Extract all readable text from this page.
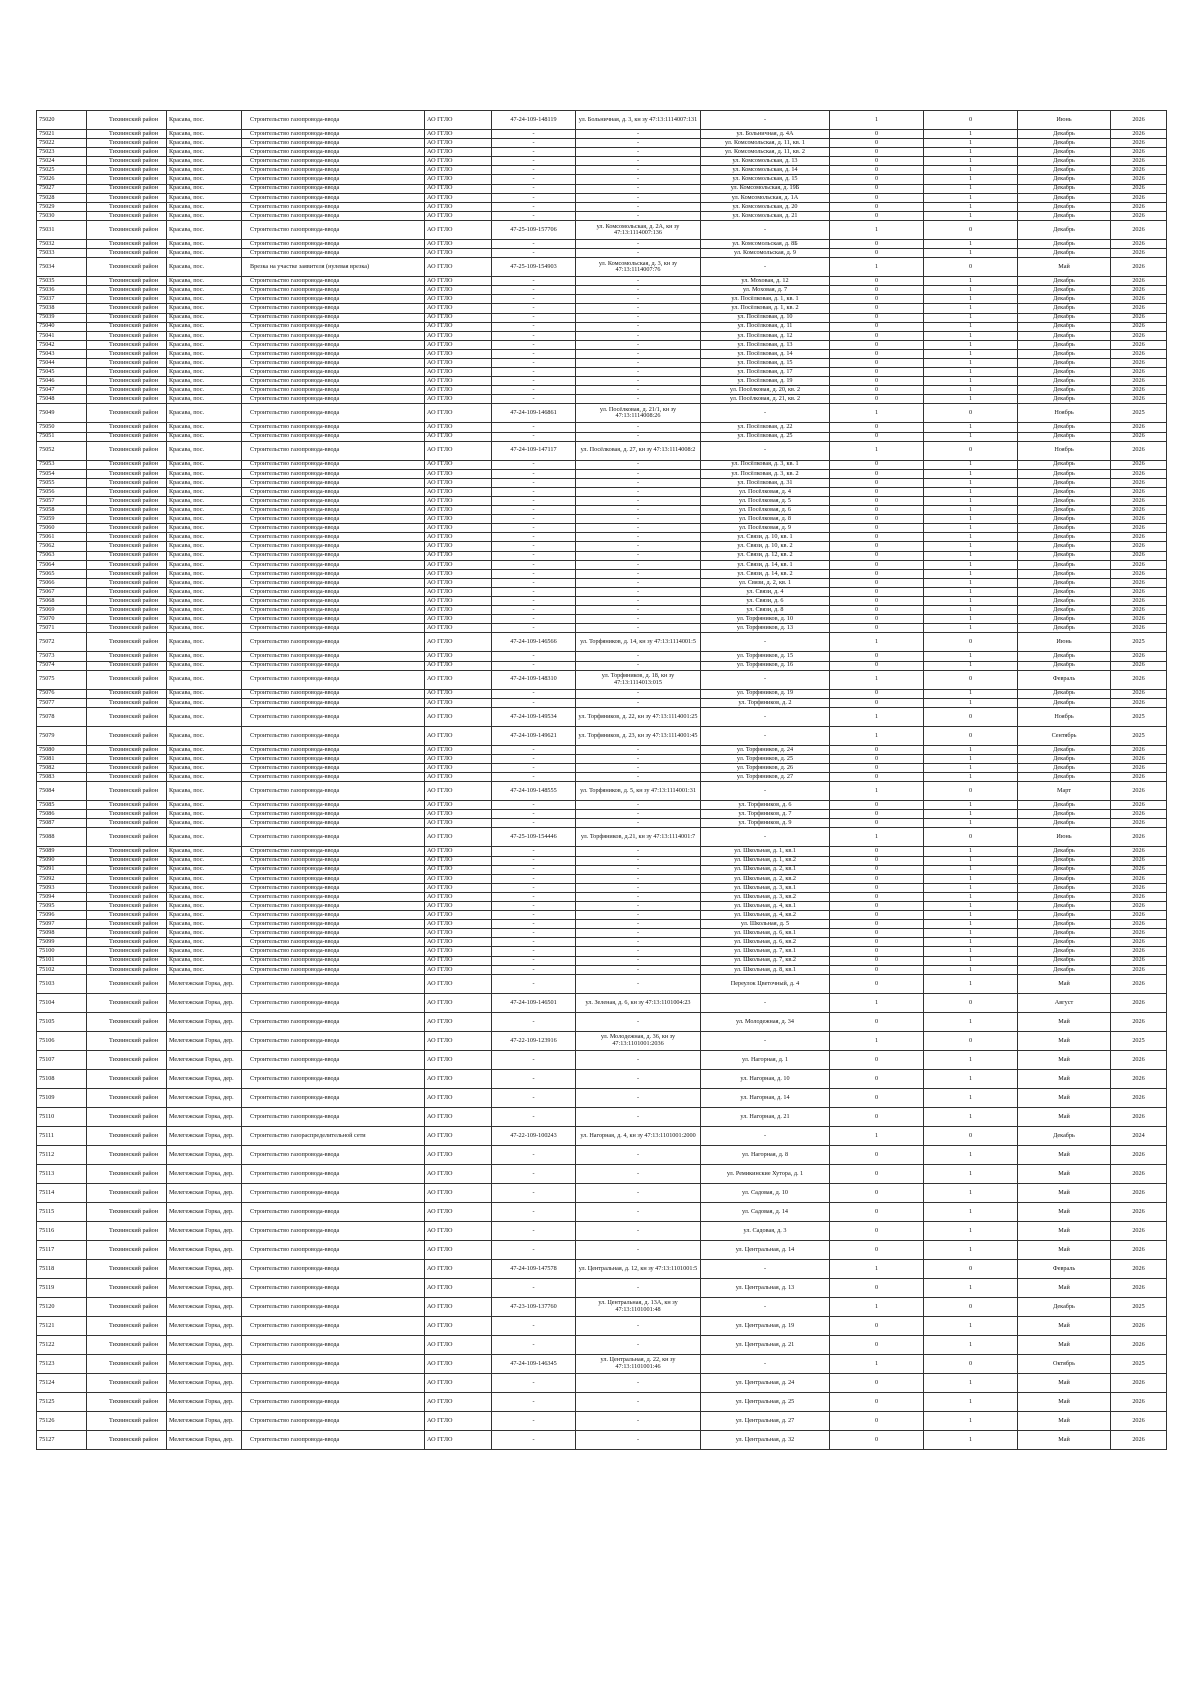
75020	Тихвинский район	Красава, пос.	Строительство газопровода-ввода	АО ГГЛО	47-24-109-148119	ул. Больничная, д. 3, кн зу 47:13:1114007:131	-	1	0	Июнь	2026
75021	Тихвинский район	Красава, пос.	Строительство газопровода-ввода	АО ГГЛО	-	-	ул. Больничная, д. 4А	0	1	Декабрь	2026
75022	Тихвинский район	Красава, пос.	Строительство газопровода-ввода	АО ГГЛО	-	-	ул. Комсомольская, д. 11, кв. 1	0	1	Декабрь	2026
75023	Тихвинский район	Красава, пос.	Строительство газопровода-ввода	АО ГГЛО	-	-	ул. Комсомольская, д. 11, кв. 2	0	1	Декабрь	2026
75024	Тихвинский район	Красава, пос.	Строительство газопровода-ввода	АО ГГЛО	-	-	ул. Комсомольская, д. 13	0	1	Декабрь	2026
75025	Тихвинский район	Красава, пос.	Строительство газопровода-ввода	АО ГГЛО	-	-	ул. Комсомольская, д. 14	0	1	Декабрь	2026
75026	Тихвинский район	Красава, пос.	Строительство газопровода-ввода	АО ГГЛО	-	-	ул. Комсомольская, д. 15	0	1	Декабрь	2026
75027	Тихвинский район	Красава, пос.	Строительство газопровода-ввода	АО ГГЛО	-	-	ул. Комсомольская, д. 19Б	0	1	Декабрь	2026
75028	Тихвинский район	Красава, пос.	Строительство газопровода-ввода	АО ГГЛО	-	-	ул. Комсомольская, д. 1А	0	1	Декабрь	2026
75029	Тихвинский район	Красава, пос.	Строительство газопровода-ввода	АО ГГЛО	-	-	ул. Комсомольская, д. 20	0	1	Декабрь	2026
75030	Тихвинский район	Красава, пос.	Строительство газопровода-ввода	АО ГГЛО	-	-	ул. Комсомольская, д. 21	0	1	Декабрь	2026
75031	Тихвинский район	Красава, пос.	Строительство газопровода-ввода	АО ГГЛО	47-25-109-157706	ул. Комсомольская, д. 2А, кн зу 47:13:1114007:136	-	1	0	Декабрь	2026
75032	Тихвинский район	Красава, пос.	Строительство газопровода-ввода	АО ГГЛО	-	-	ул. Комсомольская, д. 8Б	0	1	Декабрь	2026
75033	Тихвинский район	Красава, пос.	Строительство газопровода-ввода	АО ГГЛО	-	-	ул. Комсомольская, д. 9	0	1	Декабрь	2026
75034	Тихвинский район	Красава, пос.	Врезка на участке заявителя (нулевая врезка)	АО ГГЛО	47-25-109-154903	ул. Комсомольская, д. 3, кн зу 47:13:1114007:76	-	1	0	Май	2026
75035	Тихвинский район	Красава, пос.	Строительство газопровода-ввода	АО ГГЛО	-	-	ул. Моховая, д. 12	0	1	Декабрь	2026
75036	Тихвинский район	Красава, пос.	Строительство газопровода-ввода	АО ГГЛО	-	-	ул. Моховая, д. 7	0	1	Декабрь	2026
75037	Тихвинский район	Красава, пос.	Строительство газопровода-ввода	АО ГГЛО	-	-	ул. Посёлковая, д. 1, кв. 1	0	1	Декабрь	2026
75038	Тихвинский район	Красава, пос.	Строительство газопровода-ввода	АО ГГЛО	-	-	ул. Посёлковая, д. 1, кв. 2	0	1	Декабрь	2026
75039	Тихвинский район	Красава, пос.	Строительство газопровода-ввода	АО ГГЛО	-	-	ул. Посёлковая, д. 10	0	1	Декабрь	2026
75040	Тихвинский район	Красава, пос.	Строительство газопровода-ввода	АО ГГЛО	-	-	ул. Посёлковая, д. 11	0	1	Декабрь	2026
75041	Тихвинский район	Красава, пос.	Строительство газопровода-ввода	АО ГГЛО	-	-	ул. Посёлковая, д. 12	0	1	Декабрь	2026
75042	Тихвинский район	Красава, пос.	Строительство газопровода-ввода	АО ГГЛО	-	-	ул. Посёлковая, д. 13	0	1	Декабрь	2026
75043	Тихвинский район	Красава, пос.	Строительство газопровода-ввода	АО ГГЛО	-	-	ул. Посёлковая, д. 14	0	1	Декабрь	2026
75044	Тихвинский район	Красава, пос.	Строительство газопровода-ввода	АО ГГЛО	-	-	ул. Посёлковая, д. 15	0	1	Декабрь	2026
75045	Тихвинский район	Красава, пос.	Строительство газопровода-ввода	АО ГГЛО	-	-	ул. Посёлковая, д. 17	0	1	Декабрь	2026
75046	Тихвинский район	Красава, пос.	Строительство газопровода-ввода	АО ГГЛО	-	-	ул. Посёлковая, д. 19	0	1	Декабрь	2026
75047	Тихвинский район	Красава, пос.	Строительство газопровода-ввода	АО ГГЛО	-	-	ул. Посёлковая, д. 20, кв. 2	0	1	Декабрь	2026
75048	Тихвинский район	Красава, пос.	Строительство газопровода-ввода	АО ГГЛО	-	-	ул. Посёлковая, д. 21, кв. 2	0	1	Декабрь	2026
75049	Тихвинский район	Красава, пос.	Строительство газопровода-ввода	АО ГГЛО	47-24-109-146861	ул. Посёлковая, д. 21/1, кн зу 47:13:1114008:26	-	1	0	Ноябрь	2025
75050	Тихвинский район	Красава, пос.	Строительство газопровода-ввода	АО ГГЛО	-	-	ул. Посёлковая, д. 22	0	1	Декабрь	2026
75051	Тихвинский район	Красава, пос.	Строительство газопровода-ввода	АО ГГЛО	-	-	ул. Посёлковая, д. 25	0	1	Декабрь	2026
75052	Тихвинский район	Красава, пос.	Строительство газопровода-ввода	АО ГГЛО	47-24-109-147117	ул. Посёлковая, д. 27, кн зу 47:13:1114008:2	-	1	0	Ноябрь	2026
75053	Тихвинский район	Красава, пос.	Строительство газопровода-ввода	АО ГГЛО	-	-	ул. Посёлковая, д. 3, кв. 1	0	1	Декабрь	2026
75054	Тихвинский район	Красава, пос.	Строительство газопровода-ввода	АО ГГЛО	-	-	ул. Посёлковая, д. 3, кв. 2	0	1	Декабрь	2026
75055	Тихвинский район	Красава, пос.	Строительство газопровода-ввода	АО ГГЛО	-	-	ул. Посёлковая, д. 31	0	1	Декабрь	2026
75056	Тихвинский район	Красава, пос.	Строительство газопровода-ввода	АО ГГЛО	-	-	ул. Посёлковая, д. 4	0	1	Декабрь	2026
75057	Тихвинский район	Красава, пос.	Строительство газопровода-ввода	АО ГГЛО	-	-	ул. Посёлковая, д. 5	0	1	Декабрь	2026
75058	Тихвинский район	Красава, пос.	Строительство газопровода-ввода	АО ГГЛО	-	-	ул. Посёлковая, д. 6	0	1	Декабрь	2026
75059	Тихвинский район	Красава, пос.	Строительство газопровода-ввода	АО ГГЛО	-	-	ул. Посёлковая, д. 8	0	1	Декабрь	2026
75060	Тихвинский район	Красава, пос.	Строительство газопровода-ввода	АО ГГЛО	-	-	ул. Посёлковая, д. 9	0	1	Декабрь	2026
75061	Тихвинский район	Красава, пос.	Строительство газопровода-ввода	АО ГГЛО	-	-	ул. Связи, д. 10, кв. 1	0	1	Декабрь	2026
75062	Тихвинский район	Красава, пос.	Строительство газопровода-ввода	АО ГГЛО	-	-	ул. Связи, д. 10, кв. 2	0	1	Декабрь	2026
75063	Тихвинский район	Красава, пос.	Строительство газопровода-ввода	АО ГГЛО	-	-	ул. Связи, д. 12, кв. 2	0	1	Декабрь	2026
75064	Тихвинский район	Красава, пос.	Строительство газопровода-ввода	АО ГГЛО	-	-	ул. Связи, д. 14, кв. 1	0	1	Декабрь	2026
75065	Тихвинский район	Красава, пос.	Строительство газопровода-ввода	АО ГГЛО	-	-	ул. Связи, д. 14, кв. 2	0	1	Декабрь	2026
75066	Тихвинский район	Красава, пос.	Строительство газопровода-ввода	АО ГГЛО	-	-	ул. Связи, д. 2, кв. 1	0	1	Декабрь	2026
75067	Тихвинский район	Красава, пос.	Строительство газопровода-ввода	АО ГГЛО	-	-	ул. Связи, д. 4	0	1	Декабрь	2026
75068	Тихвинский район	Красава, пос.	Строительство газопровода-ввода	АО ГГЛО	-	-	ул. Связи, д. 6	0	1	Декабрь	2026
75069	Тихвинский район	Красава, пос.	Строительство газопровода-ввода	АО ГГЛО	-	-	ул. Связи, д. 8	0	1	Декабрь	2026
75070	Тихвинский район	Красава, пос.	Строительство газопровода-ввода	АО ГГЛО	-	-	ул. Торфяников, д. 10	0	1	Декабрь	2026
75071	Тихвинский район	Красава, пос.	Строительство газопровода-ввода	АО ГГЛО	-	-	ул. Торфяников, д. 13	0	1	Декабрь	2026
75072	Тихвинский район	Красава, пос.	Строительство газопровода-ввода	АО ГГЛО	47-24-109-146566	ул. Торфяников, д. 14, кн зу 47:13:1114001:5	-	1	0	Июнь	2025
75073	Тихвинский район	Красава, пос.	Строительство газопровода-ввода	АО ГГЛО	-	-	ул. Торфяников, д. 15	0	1	Декабрь	2026
75074	Тихвинский район	Красава, пос.	Строительство газопровода-ввода	АО ГГЛО	-	-	ул. Торфяников, д. 16	0	1	Декабрь	2026
75075	Тихвинский район	Красава, пос.	Строительство газопровода-ввода	АО ГГЛО	47-24-109-148310	ул. Торфяников, д. 18, кн зу 47:13:1114013:015	-	1	0	Февраль	2026
75076	Тихвинский район	Красава, пос.	Строительство газопровода-ввода	АО ГГЛО	-	-	ул. Торфяников, д. 19	0	1	Декабрь	2026
75077	Тихвинский район	Красава, пос.	Строительство газопровода-ввода	АО ГГЛО	-	-	ул. Торфяников, д. 2	0	1	Декабрь	2026
75078	Тихвинский район	Красава, пос.	Строительство газопровода-ввода	АО ГГЛО	47-24-109-149534	ул. Торфяников, д. 22, кн зу 47:13:1114001:25	-	1	0	Ноябрь	2025
75079	Тихвинский район	Красава, пос.	Строительство газопровода-ввода	АО ГГЛО	47-24-109-149621	ул. Торфяников, д. 23, кн зу 47:13:1114001:45	-	1	0	Сентябрь	2025
75080	Тихвинский район	Красава, пос.	Строительство газопровода-ввода	АО ГГЛО	-	-	ул. Торфяников, д. 24	0	1	Декабрь	2026
75081	Тихвинский район	Красава, пос.	Строительство газопровода-ввода	АО ГГЛО	-	-	ул. Торфяников, д. 25	0	1	Декабрь	2026
75082	Тихвинский район	Красава, пос.	Строительство газопровода-ввода	АО ГГЛО	-	-	ул. Торфяников, д. 26	0	1	Декабрь	2026
75083	Тихвинский район	Красава, пос.	Строительство газопровода-ввода	АО ГГЛО	-	-	ул. Торфяников, д. 27	0	1	Декабрь	2026
75084	Тихвинский район	Красава, пос.	Строительство газопровода-ввода	АО ГГЛО	47-24-109-148555	ул. Торфяников, д. 5, кн зу 47:13:1114001:31	-	1	0	Март	2026
75085	Тихвинский район	Красава, пос.	Строительство газопровода-ввода	АО ГГЛО	-	-	ул. Торфяников, д. 6	0	1	Декабрь	2026
75086	Тихвинский район	Красава, пос.	Строительство газопровода-ввода	АО ГГЛО	-	-	ул. Торфяников, д. 7	0	1	Декабрь	2026
75087	Тихвинский район	Красава, пос.	Строительство газопровода-ввода	АО ГГЛО	-	-	ул. Торфяников, д. 9	0	1	Декабрь	2026
75088	Тихвинский район	Красава, пос.	Строительство газопровода-ввода	АО ГГЛО	47-25-109-154446	ул. Торфяников, д.21, кн зу 47:13:1114001:7	-	1	0	Июнь	2026
75089	Тихвинский район	Красава, пос.	Строительство газопровода-ввода	АО ГГЛО	-	-	ул. Школьная, д. 1, кв.1	0	1	Декабрь	2026
75090	Тихвинский район	Красава, пос.	Строительство газопровода-ввода	АО ГГЛО	-	-	ул. Школьная, д. 1, кв.2	0	1	Декабрь	2026
75091	Тихвинский район	Красава, пос.	Строительство газопровода-ввода	АО ГГЛО	-	-	ул. Школьная, д. 2, кв.1	0	1	Декабрь	2026
75092	Тихвинский район	Красава, пос.	Строительство газопровода-ввода	АО ГГЛО	-	-	ул. Школьная, д. 2, кв.2	0	1	Декабрь	2026
75093	Тихвинский район	Красава, пос.	Строительство газопровода-ввода	АО ГГЛО	-	-	ул. Школьная, д. 3, кв.1	0	1	Декабрь	2026
75094	Тихвинский район	Красава, пос.	Строительство газопровода-ввода	АО ГГЛО	-	-	ул. Школьная, д. 3, кв.2	0	1	Декабрь	2026
75095	Тихвинский район	Красава, пос.	Строительство газопровода-ввода	АО ГГЛО	-	-	ул. Школьная, д. 4, кв.1	0	1	Декабрь	2026
75096	Тихвинский район	Красава, пос.	Строительство газопровода-ввода	АО ГГЛО	-	-	ул. Школьная, д. 4, кв.2	0	1	Декабрь	2026
75097	Тихвинский район	Красава, пос.	Строительство газопровода-ввода	АО ГГЛО	-	-	ул. Школьная, д. 5	0	1	Декабрь	2026
75098	Тихвинский район	Красава, пос.	Строительство газопровода-ввода	АО ГГЛО	-	-	ул. Школьная, д. 6, кв.1	0	1	Декабрь	2026
75099	Тихвинский район	Красава, пос.	Строительство газопровода-ввода	АО ГГЛО	-	-	ул. Школьная, д. 6, кв.2	0	1	Декабрь	2026
75100	Тихвинский район	Красава, пос.	Строительство газопровода-ввода	АО ГГЛО	-	-	ул. Школьная, д. 7, кв.1	0	1	Декабрь	2026
75101	Тихвинский район	Красава, пос.	Строительство газопровода-ввода	АО ГГЛО	-	-	ул. Школьная, д. 7, кв.2	0	1	Декабрь	2026
75102	Тихвинский район	Красава, пос.	Строительство газопровода-ввода	АО ГГЛО	-	-	ул. Школьная, д. 8, кв.1	0	1	Декабрь	2026
75103	Тихвинский район	Мелегежская Горка, дер.	Строительство газопровода-ввода	АО ГГЛО	-	-	Переулок Цветочный, д. 4	0	1	Май	2026
75104	Тихвинский район	Мелегежская Горка, дер.	Строительство газопровода-ввода	АО ГГЛО	47-24-109-146501	ул. Зеленая, д. 6, кн зу 47:13:1101004:23	-	1	0	Август	2026
75105	Тихвинский район	Мелегежская Горка, дер.	Строительство газопровода-ввода	АО ГГЛО	-	-	ул. Молодежная, д. 34	0	1	Май	2026
75106	Тихвинский район	Мелегежская Горка, дер.	Строительство газопровода-ввода	АО ГГЛО	47-22-109-123916	ул. Молодежная, д. 36, кн зу 47:13:1101001:2036	-	1	0	Май	2025
75107	Тихвинский район	Мелегежская Горка, дер.	Строительство газопровода-ввода	АО ГГЛО	-	-	ул. Нагорная, д. 1	0	1	Май	2026
75108	Тихвинский район	Мелегежская Горка, дер.	Строительство газопровода-ввода	АО ГГЛО	-	-	ул. Нагорная, д. 10	0	1	Май	2026
75109	Тихвинский район	Мелегежская Горка, дер.	Строительство газопровода-ввода	АО ГГЛО	-	-	ул. Нагорная, д. 14	0	1	Май	2026
75110	Тихвинский район	Мелегежская Горка, дер.	Строительство газопровода-ввода	АО ГГЛО	-	-	ул. Нагорная, д. 21	0	1	Май	2026
75111	Тихвинский район	Мелегежская Горка, дер.	Строительство газораспределительной сети	АО ГГЛО	47-22-109-100243	ул. Нагорная, д. 4, кн зу 47:13:1101001:2000	-	1	0	Декабрь	2024
75112	Тихвинский район	Мелегежская Горка, дер.	Строительство газопровода-ввода	АО ГГЛО	-	-	ул. Нагорная, д. 8	0	1	Май	2026
75113	Тихвинский район	Мелегежская Горка, дер.	Строительство газопровода-ввода	АО ГГЛО	-	-	ул. Ремикинские Хутора, д. 1	0	1	Май	2026
75114	Тихвинский район	Мелегежская Горка, дер.	Строительство газопровода-ввода	АО ГГЛО	-	-	ул. Садовая, д. 10	0	1	Май	2026
75115	Тихвинский район	Мелегежская Горка, дер.	Строительство газопровода-ввода	АО ГГЛО	-	-	ул. Садовая, д. 14	0	1	Май	2026
75116	Тихвинский район	Мелегежская Горка, дер.	Строительство газопровода-ввода	АО ГГЛО	-	-	ул. Садовая, д. 3	0	1	Май	2026
75117	Тихвинский район	Мелегежская Горка, дер.	Строительство газопровода-ввода	АО ГГЛО	-	-	ул. Центральная, д. 14	0	1	Май	2026
75118	Тихвинский район	Мелегежская Горка, дер.	Строительство газопровода-ввода	АО ГГЛО	47-24-109-147578	ул. Центральная, д. 12, кн зу 47:13:1101001:5	-	1	0	Февраль	2026
75119	Тихвинский район	Мелегежская Горка, дер.	Строительство газопровода-ввода	АО ГГЛО	-	-	ул. Центральная, д. 13	0	1	Май	2026
75120	Тихвинский район	Мелегежская Горка, дер.	Строительство газопровода-ввода	АО ГГЛО	47-23-109-137760	ул. Центральная, д. 13А, кн зу 47:13:1101001:48	-	1	0	Декабрь	2025
75121	Тихвинский район	Мелегежская Горка, дер.	Строительство газопровода-ввода	АО ГГЛО	-	-	ул. Центральная, д. 19	0	1	Май	2026
75122	Тихвинский район	Мелегежская Горка, дер.	Строительство газопровода-ввода	АО ГГЛО	-	-	ул. Центральная, д. 21	0	1	Май	2026
75123	Тихвинский район	Мелегежская Горка, дер.	Строительство газопровода-ввода	АО ГГЛО	47-24-109-146345	ул. Центральная, д. 22, кн зу 47:13:1101001:46	-	1	0	Октябрь	2025
75124	Тихвинский район	Мелегежская Горка, дер.	Строительство газопровода-ввода	АО ГГЛО	-	-	ул. Центральная, д. 24	0	1	Май	2026
75125	Тихвинский район	Мелегежская Горка, дер.	Строительство газопровода-ввода	АО ГГЛО	-	-	ул. Центральная, д. 25	0	1	Май	2026
75126	Тихвинский район	Мелегежская Горка, дер.	Строительство газопровода-ввода	АО ГГЛО	-	-	ул. Центральная, д. 27	0	1	Май	2026
75127	Тихвинский район	Мелегежская Горка, дер.	Строительство газопровода-ввода	АО ГГЛО	-	-	ул. Центральная, д. 32	0	1	Май	2026
